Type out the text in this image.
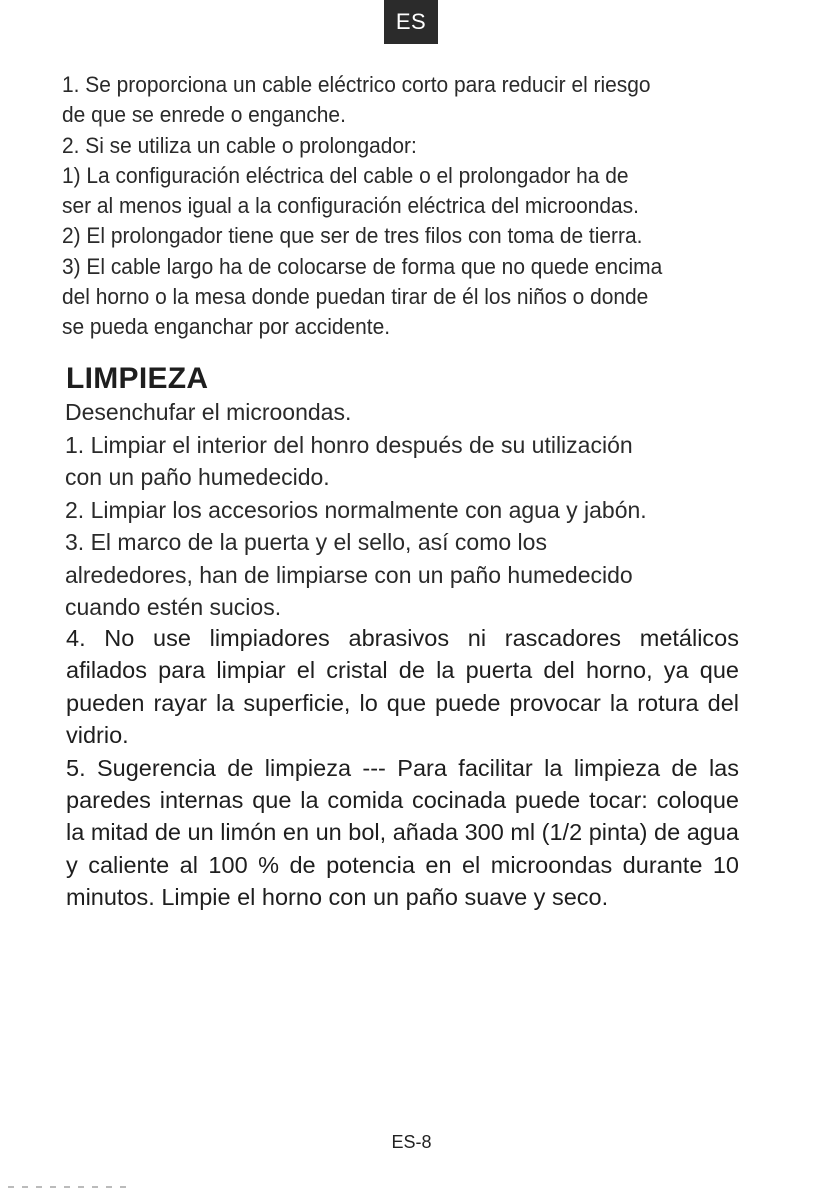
ES

1. Se proporciona un cable eléctrico corto para reducir el riesgo

de que se enrede o enganche.

2. Si se utiliza un cable o prolongador:

1) La configuración eléctrica del cable o el prolongador ha de

ser al menos igual a la configuración eléctrica del microondas.

2) El prolongador tiene que ser de tres filos con toma de tierra.

3) El cable largo ha de colocarse de forma que no quede encima

del horno o la mesa donde puedan tirar de él los niños o donde

se pueda enganchar por accidente.

LIMPIEZA

Desenchufar el microondas.

1. Limpiar el interior del honro después de su utilización

con un paño humedecido.

2. Limpiar los accesorios normalmente con agua y jabón.

3. El marco de la puerta y el sello, así como los

alrededores, han de limpiarse con un paño humedecido

cuando estén sucios.

4. No use limpiadores abrasivos ni rascadores metálicos afilados para limpiar el cristal de la puerta del horno, ya que pueden rayar la superficie, lo que puede provocar la rotura del vidrio.

5. Sugerencia de limpieza --- Para facilitar la limpieza de las paredes internas que la comida cocinada puede tocar: coloque la mitad de un limón en un bol, añada 300 ml (1/2 pinta) de agua y caliente al 100 % de potencia en el microondas durante 10 minutos. Limpie el horno con un paño suave y seco.

ES-8
